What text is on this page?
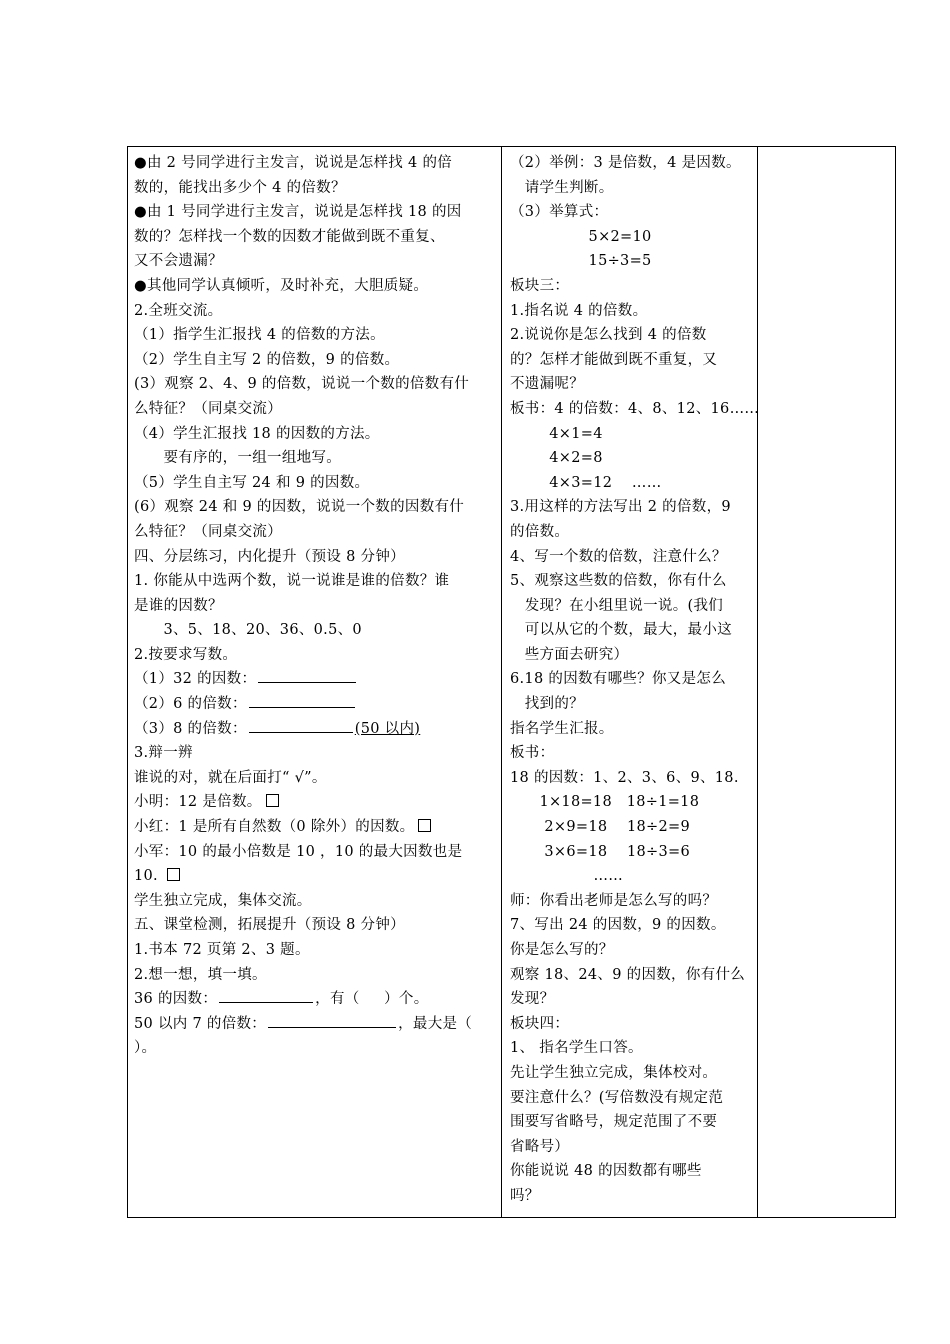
●由 2 号同学进行主发言，说说是怎样找 4 的倍
数的，能找出多少个 4 的倍数？
●由 1 号同学进行主发言，说说是怎样找 18 的因
数的？怎样找一个数的因数才能做到既不重复、
又不会遗漏？
●其他同学认真倾听，及时补充，大胆质疑。
2.全班交流。
（1）指学生汇报找 4 的倍数的方法。
（2）学生自主写 2 的倍数，9 的倍数。
(3）观察 2、4、9 的倍数，说说一个数的倍数有什
么特征？（同桌交流）
（4）学生汇报找 18 的因数的方法。
要有序的，一组一组地写。
（5）学生自主写 24 和 9 的因数。
(6）观察 24 和 9 的因数，说说一个数的因数有什
么特征？（同桌交流）
四、分层练习，内化提升（预设 8 分钟）
1. 你能从中选两个数，说一说谁是谁的倍数？谁
是谁的因数？
3、5、18、20、36、0.5、0
2.按要求写数。
（1）32 的因数：
（2）6 的倍数：
（3）8 的倍数：	(50 以内)
3.辩一辨
谁说的对，就在后面打“ √”。
小明：12 是倍数。
小红：1 是所有自然数（0 除外）的因数。
小军：10 的最小倍数是 10 ，10 的最大因数也是
10.
学生独立完成，集体交流。
五、课堂检测，拓展提升（预设 8 分钟）
1.书本 72 页第 2、3 题。
2.想一想，填一填。
36 的因数：	，有（     ）个。
50 以内 7 的倍数：	，最大是（
）。
（2）举例：3 是倍数，4 是因数。
请学生判断。
（3）举算式：
5×2=10
15÷3=5
板块三：
1.指名说 4 的倍数。
2.说说你是怎么找到 4 的倍数
的？怎样才能做到既不重复，又
不遗漏呢？
板书：4 的倍数：4、8、12、16……
4×1=4
4×2=8
4×3=12    ……
3.用这样的方法写出 2 的倍数，9
的倍数。
4、写一个数的倍数，注意什么？
5、观察这些数的倍数，你有什么
发现？在小组里说一说。(我们
可以从它的个数，最大，最小这
些方面去研究）
6.18 的因数有哪些？你又是怎么
找到的？
指名学生汇报。
板书：
18 的因数：1、2、3、6、9、18.
1×18=18   18÷1=18
2×9=18    18÷2=9
3×6=18    18÷3=6
……
师：你看出老师是怎么写的吗？
7、写出 24 的因数，9 的因数。
你是怎么写的？
观察 18、24、9 的因数，你有什么
发现？
板块四：
1、 指名学生口答。
先让学生独立完成，集体校对。
要注意什么？(写倍数没有规定范
围要写省略号，规定范围了不要
省略号）
你能说说 48 的因数都有哪些
吗？
